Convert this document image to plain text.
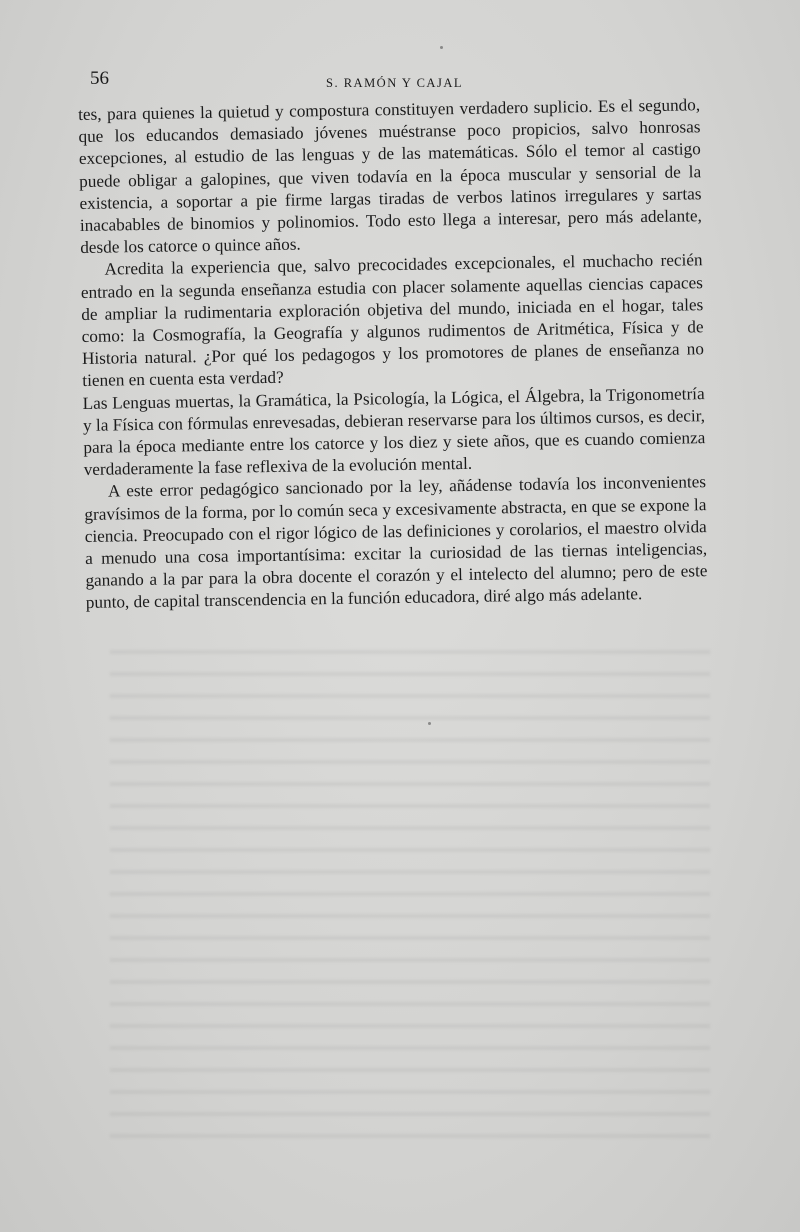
56	S. RAMÓN Y CAJAL

tes, para quienes la quietud y compostura constituyen verdadero suplicio. Es el segundo, que los educandos demasiado jóvenes muéstranse poco propicios, salvo honrosas excepciones, al estudio de las lenguas y de las matemáticas. Sólo el temor al castigo puede obligar a galopines, que viven todavía en la época muscular y sensorial de la existencia, a soportar a pie firme largas tiradas de verbos latinos irregulares y sartas inacabables de binomios y polinomios. Todo esto llega a interesar, pero más adelante, desde los catorce o quince años.

Acredita la experiencia que, salvo precocidades excepcionales, el muchacho recién entrado en la segunda enseñanza estudia con placer solamente aquellas ciencias capaces de ampliar la rudimentaria exploración objetiva del mundo, iniciada en el hogar, tales como: la Cosmografía, la Geografía y algunos rudimentos de Aritmética, Física y de Historia natural. ¿Por qué los pedagogos y los promotores de planes de enseñanza no tienen en cuenta esta verdad?

Las Lenguas muertas, la Gramática, la Psicología, la Lógica, el Álgebra, la Trigonometría y la Física con fórmulas enrevesadas, debieran reservarse para los últimos cursos, es decir, para la época mediante entre los catorce y los diez y siete años, que es cuando comienza verdaderamente la fase reflexiva de la evolución mental.

A este error pedagógico sancionado por la ley, añádense todavía los inconvenientes gravísimos de la forma, por lo común seca y excesivamente abstracta, en que se expone la ciencia. Preocupado con el rigor lógico de las definiciones y corolarios, el maestro olvida a menudo una cosa importantísima: excitar la curiosidad de las tiernas inteligencias, ganando a la par para la obra docente el corazón y el intelecto del alumno; pero de este punto, de capital transcendencia en la función educadora, diré algo más adelante.
